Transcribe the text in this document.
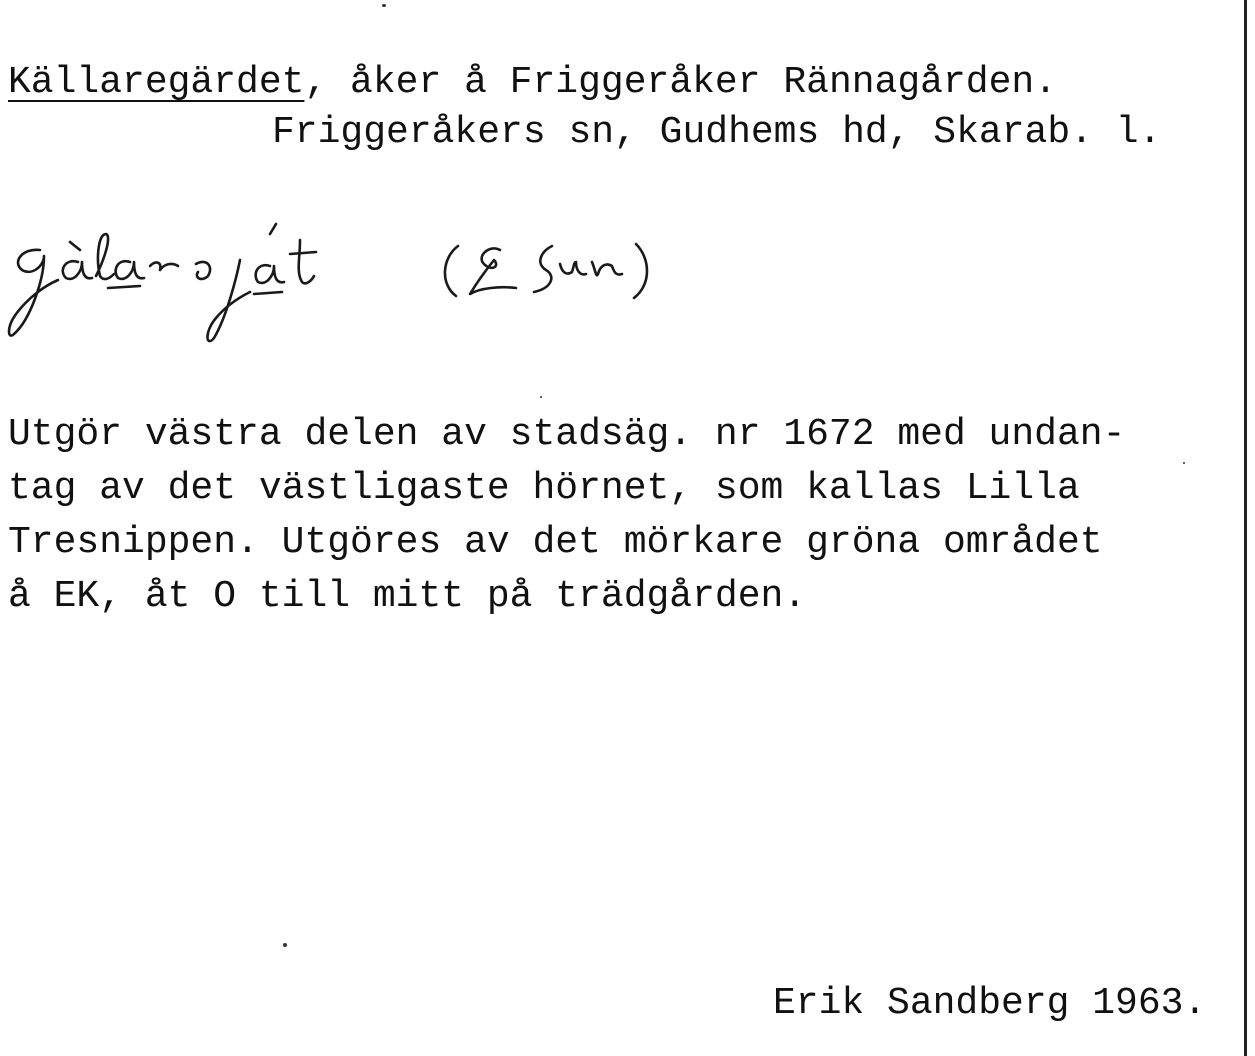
Källaregärdet, åker å Friggeråker Rännagården.
Friggeråkers sn, Gudhems hd, Skarab. l.
Utgör västra delen av stadsäg. nr 1672 med undan-
tag av det västligaste hörnet, som kallas Lilla
Tresnippen. Utgöres av det mörkare gröna området
å EK, åt O till mitt på trädgården.
Erik Sandberg 1963.
